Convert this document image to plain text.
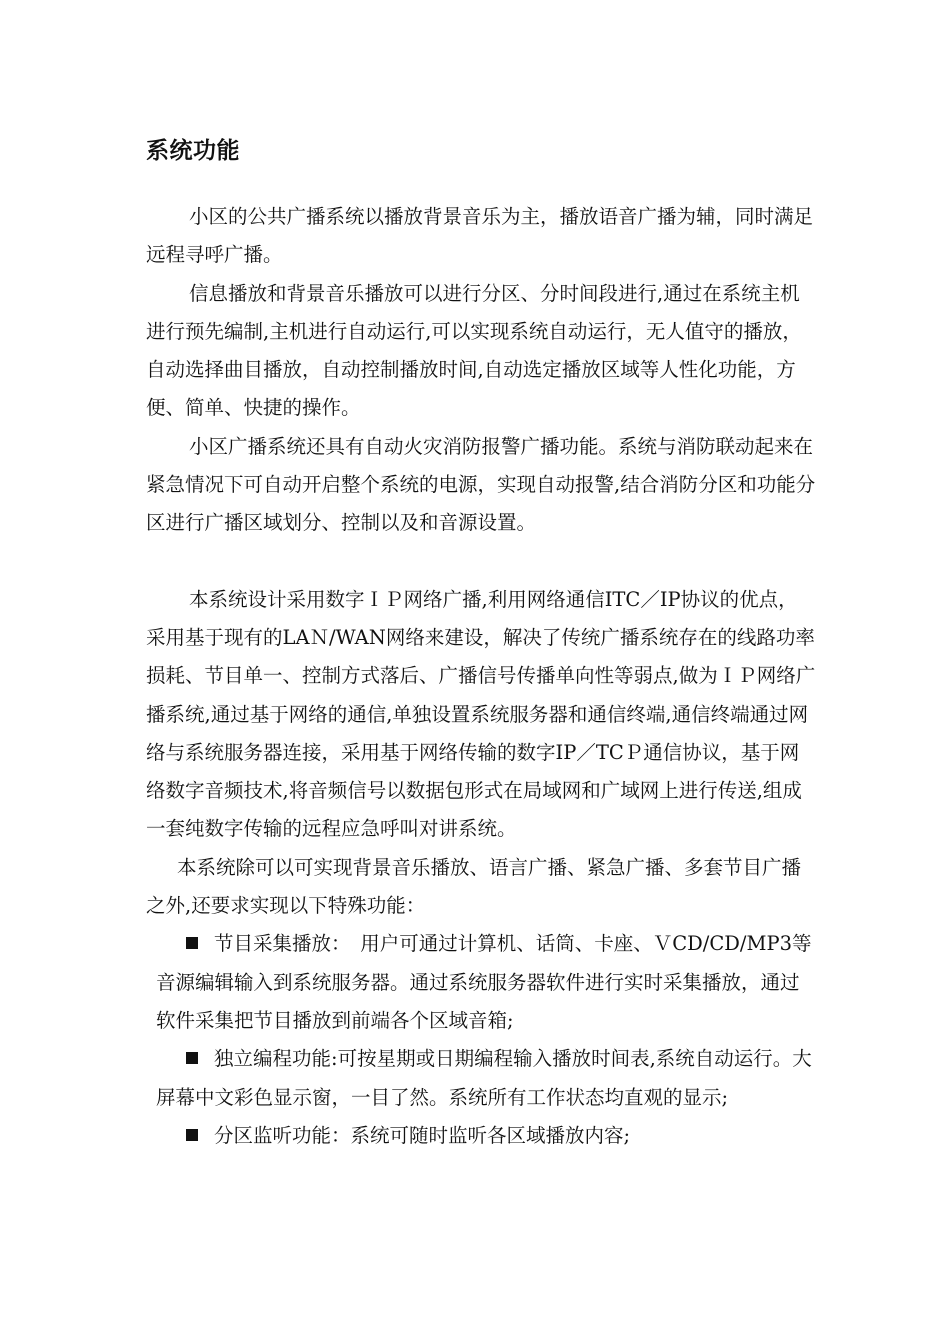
系统功能

小区的公共广播系统以播放背景音乐为主，播放语音广播为辅，同时满足远程寻呼广播。

信息播放和背景音乐播放可以进行分区、分时间段进行,通过在系统主机进行预先编制,主机进行自动运行,可以实现系统自动运行，无人值守的播放，自动选择曲目播放，自动控制播放时间,自动选定播放区域等人性化功能，方便、简单、快捷的操作。

小区广播系统还具有自动火灾消防报警广播功能。系统与消防联动起来在紧急情况下可自动开启整个系统的电源，实现自动报警,结合消防分区和功能分区进行广播区域划分、控制以及和音源设置。

本系统设计采用数字ＩＰ网络广播,利用网络通信ITC／IP协议的优点，采用基于现有的LAＮ/WAN网络来建设，解决了传统广播系统存在的线路功率损耗、节目单一、控制方式落后、广播信号传播单向性等弱点,做为ＩＰ网络广播系统,通过基于网络的通信,单独设置系统服务器和通信终端,通信终端通过网络与系统服务器连接，采用基于网络传输的数字IP／TCＰ通信协议，基于网络数字音频技术,将音频信号以数据包形式在局域网和广域网上进行传送,组成一套纯数字传输的远程应急呼叫对讲系统。

本系统除可以可实现背景音乐播放、语言广播、紧急广播、多套节目广播之外,还要求实现以下特殊功能：

节目采集播放：　用户可通过计算机、话筒、卡座、ＶCD/CD/MP3等音源编辑输入到系统服务器。通过系统服务器软件进行实时采集播放，通过软件采集把节目播放到前端各个区域音箱;

独立编程功能:可按星期或日期编程输入播放时间表,系统自动运行。大屏幕中文彩色显示窗，一目了然。系统所有工作状态均直观的显示;

分区监听功能：系统可随时监听各区域播放内容;
